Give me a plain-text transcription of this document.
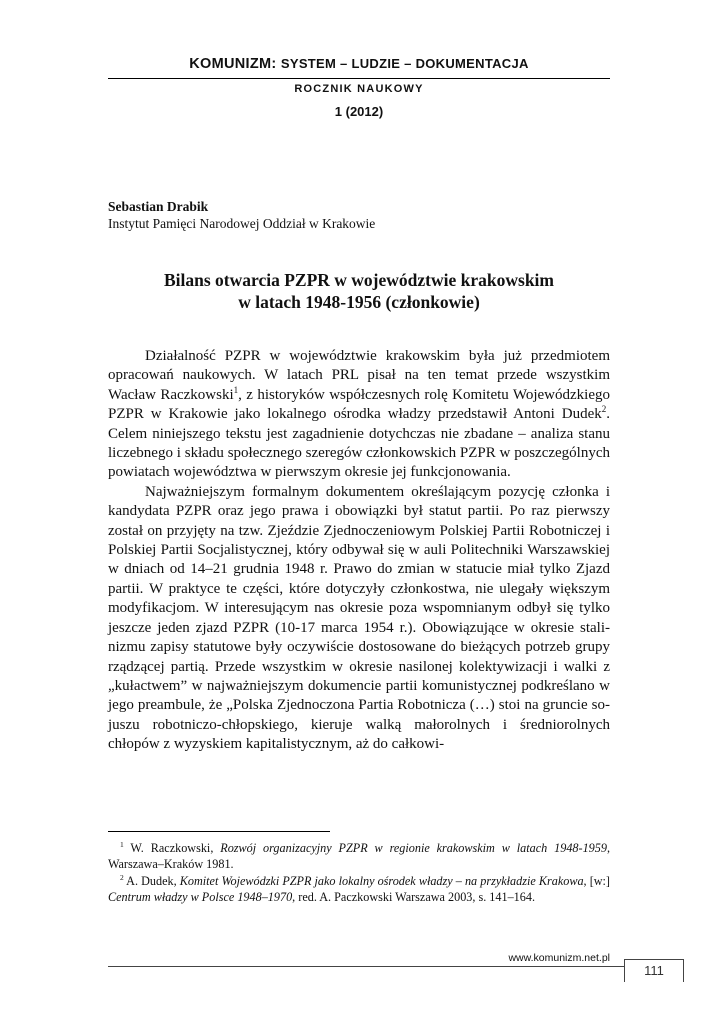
KOMUNIZM: SYSTEM – LUDZIE – DOKUMENTACJA
ROCZNIK NAUKOWY
1 (2012)
Sebastian Drabik
Instytut Pamięci Narodowej Oddział w Krakowie
Bilans otwarcia PZPR w województwie krakowskim
w latach 1948-1956 (członkowie)

Działalność PZPR w województwie krakowskim była już przedmiotem opracowań naukowych. W latach PRL pisał na ten temat przede wszystkim Wacław Raczkowski$^1$, z historyków współczesnych rolę Komitetu Wojewódzkiego PZPR w Krakowie jako lokalnego ośrodka władzy przedstawił Antoni Dudek$^2$. Celem niniejszego tekstu jest zagadnienie dotychczas nie zbadane – analiza stanu liczebnego i składu społecznego szeregów członkowskich PZPR w poszczególnych powiatach województwa w pierwszym okresie jej funkcjonowania.

Najważniejszym formalnym dokumentem określającym pozycję członka i kandydata PZPR oraz jego prawa i obowiązki był statut partii. Po raz pierwszy został on przyjęty na tzw. Zjeździe Zjednoczeniowym Polskiej Partii Robotniczej i Polskiej Partii Socjalistycznej, który odbywał się w auli Politechniki Warszawskiej w dniach od 14–21 grudnia 1948 r. Prawo do zmian w statucie miał tylko Zjazd partii. W praktyce te części, które dotyczyły członkostwa, nie ulegały większym modyfikacjom. W interesującym nas okresie poza wspomnianym odbył się tylko jeszcze jeden zjazd PZPR (10-17 marca 1954 r.). Obowiązujące w okresie stalinizmu zapisy statutowe były oczywiście dostosowane do bieżących potrzeb grupy rządzącej partią. Przede wszystkim w okresie nasilonej kolektywizacji i walki z „kułactwem” w najważniejszym dokumencie partii komunistycznej podkreślano w jego preambule, że „Polska Zjednoczona Partia Robotnicza (…) stoi na gruncie sojuszu robotniczo-chłopskiego, kieruje walką małorolnych i średniorolnych chłopów z wyzyskiem kapitalistycznym, aż do całkowi-

$^1$ W. Raczkowski, Rozwój organizacyjny PZPR w regionie krakowskim w latach 1948-1959, Warszawa–Kraków 1981.

$^2$ A. Dudek, Komitet Wojewódzki PZPR jako lokalny ośrodek władzy – na przykładzie Krakowa, [w:] Centrum władzy w Polsce 1948–1970, red. A. Paczkowski Warszawa 2003, s. 141–164.

www.komunizm.net.pl
111
